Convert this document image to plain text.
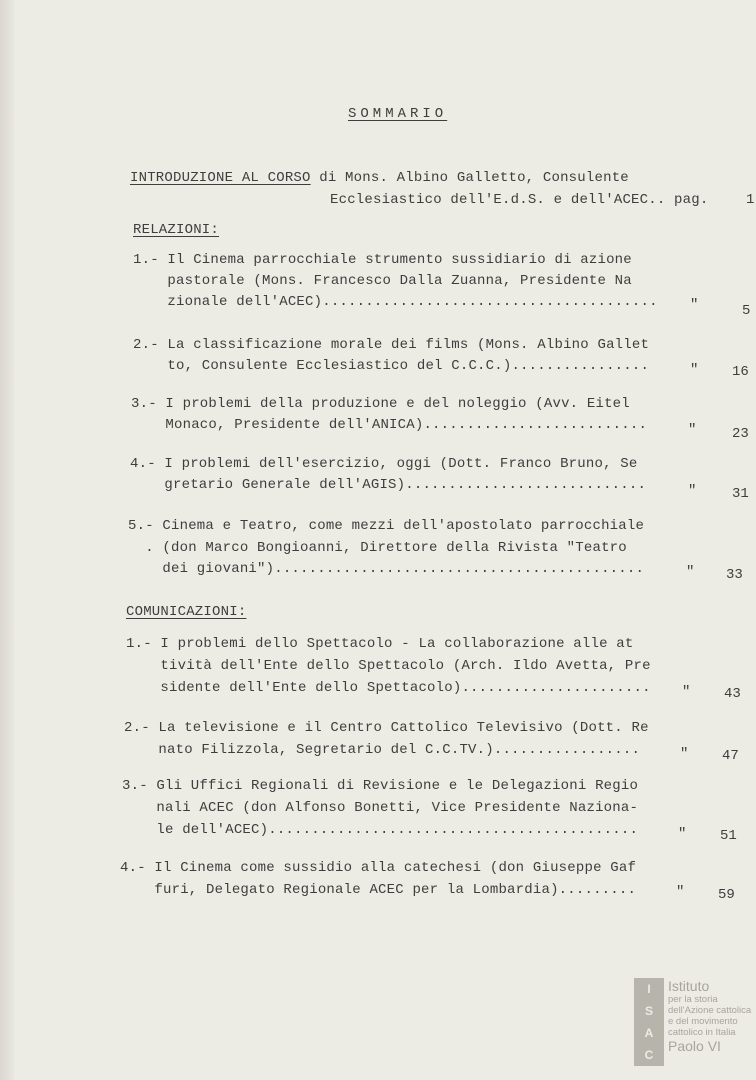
SOMMARIO
INTRODUZIONE AL CORSO di Mons. Albino Galletto, Consulente
Ecclesiastico dell'E.d.S. e dell'ACEC.. pag.	1
RELAZIONI:
1.- Il Cinema parrocchiale strumento sussidiario di azione
pastorale (Mons. Francesco Dalla Zuanna, Presidente Na
zionale dell'ACEC)....................................... "	5
2.- La classificazione morale dei films (Mons. Albino Gallet
to, Consulente Ecclesiastico del C.C.C.)................	" 16
3.- I problemi della produzione e del noleggio (Avv. Eitel
Monaco, Presidente dell'ANICA)..........................	"	23
4.- I problemi dell'esercizio, oggi (Dott. Franco Bruno, Se
gretario Generale dell'AGIS)............................	"	31
5.- Cinema e Teatro, come mezzi dell'apostolato parrocchiale
. (don Marco Bongioanni, Direttore della Rivista "Teatro
dei giovani")...........................................	" 33
COMUNICAZIONI:
1.- I problemi dello Spettacolo - La collaborazione alle at
tività dell'Ente dello Spettacolo (Arch. Ildo Avetta, Pre
sidente dell'Ente dello Spettacolo)...................... " 43
2.- La televisione e il Centro Cattolico Televisivo (Dott. Re
nato Filizzola, Segretario del C.C.TV.).................	" 47
3.- Gli Uffici Regionali di Revisione e le Delegazioni Regio
nali ACEC (don Alfonso Bonetti, Vice Presidente Naziona-
le dell'ACEC)...........................................	" 51
4.- Il Cinema come sussidio alla catechesi (don Giuseppe Gaf
furi, Delegato Regionale ACEC per la Lombardia).........	" 59
I
S
A
C
Istituto
per la storia
dell'Azione cattolica
e del movimento
cattolico in Italia
Paolo VI
